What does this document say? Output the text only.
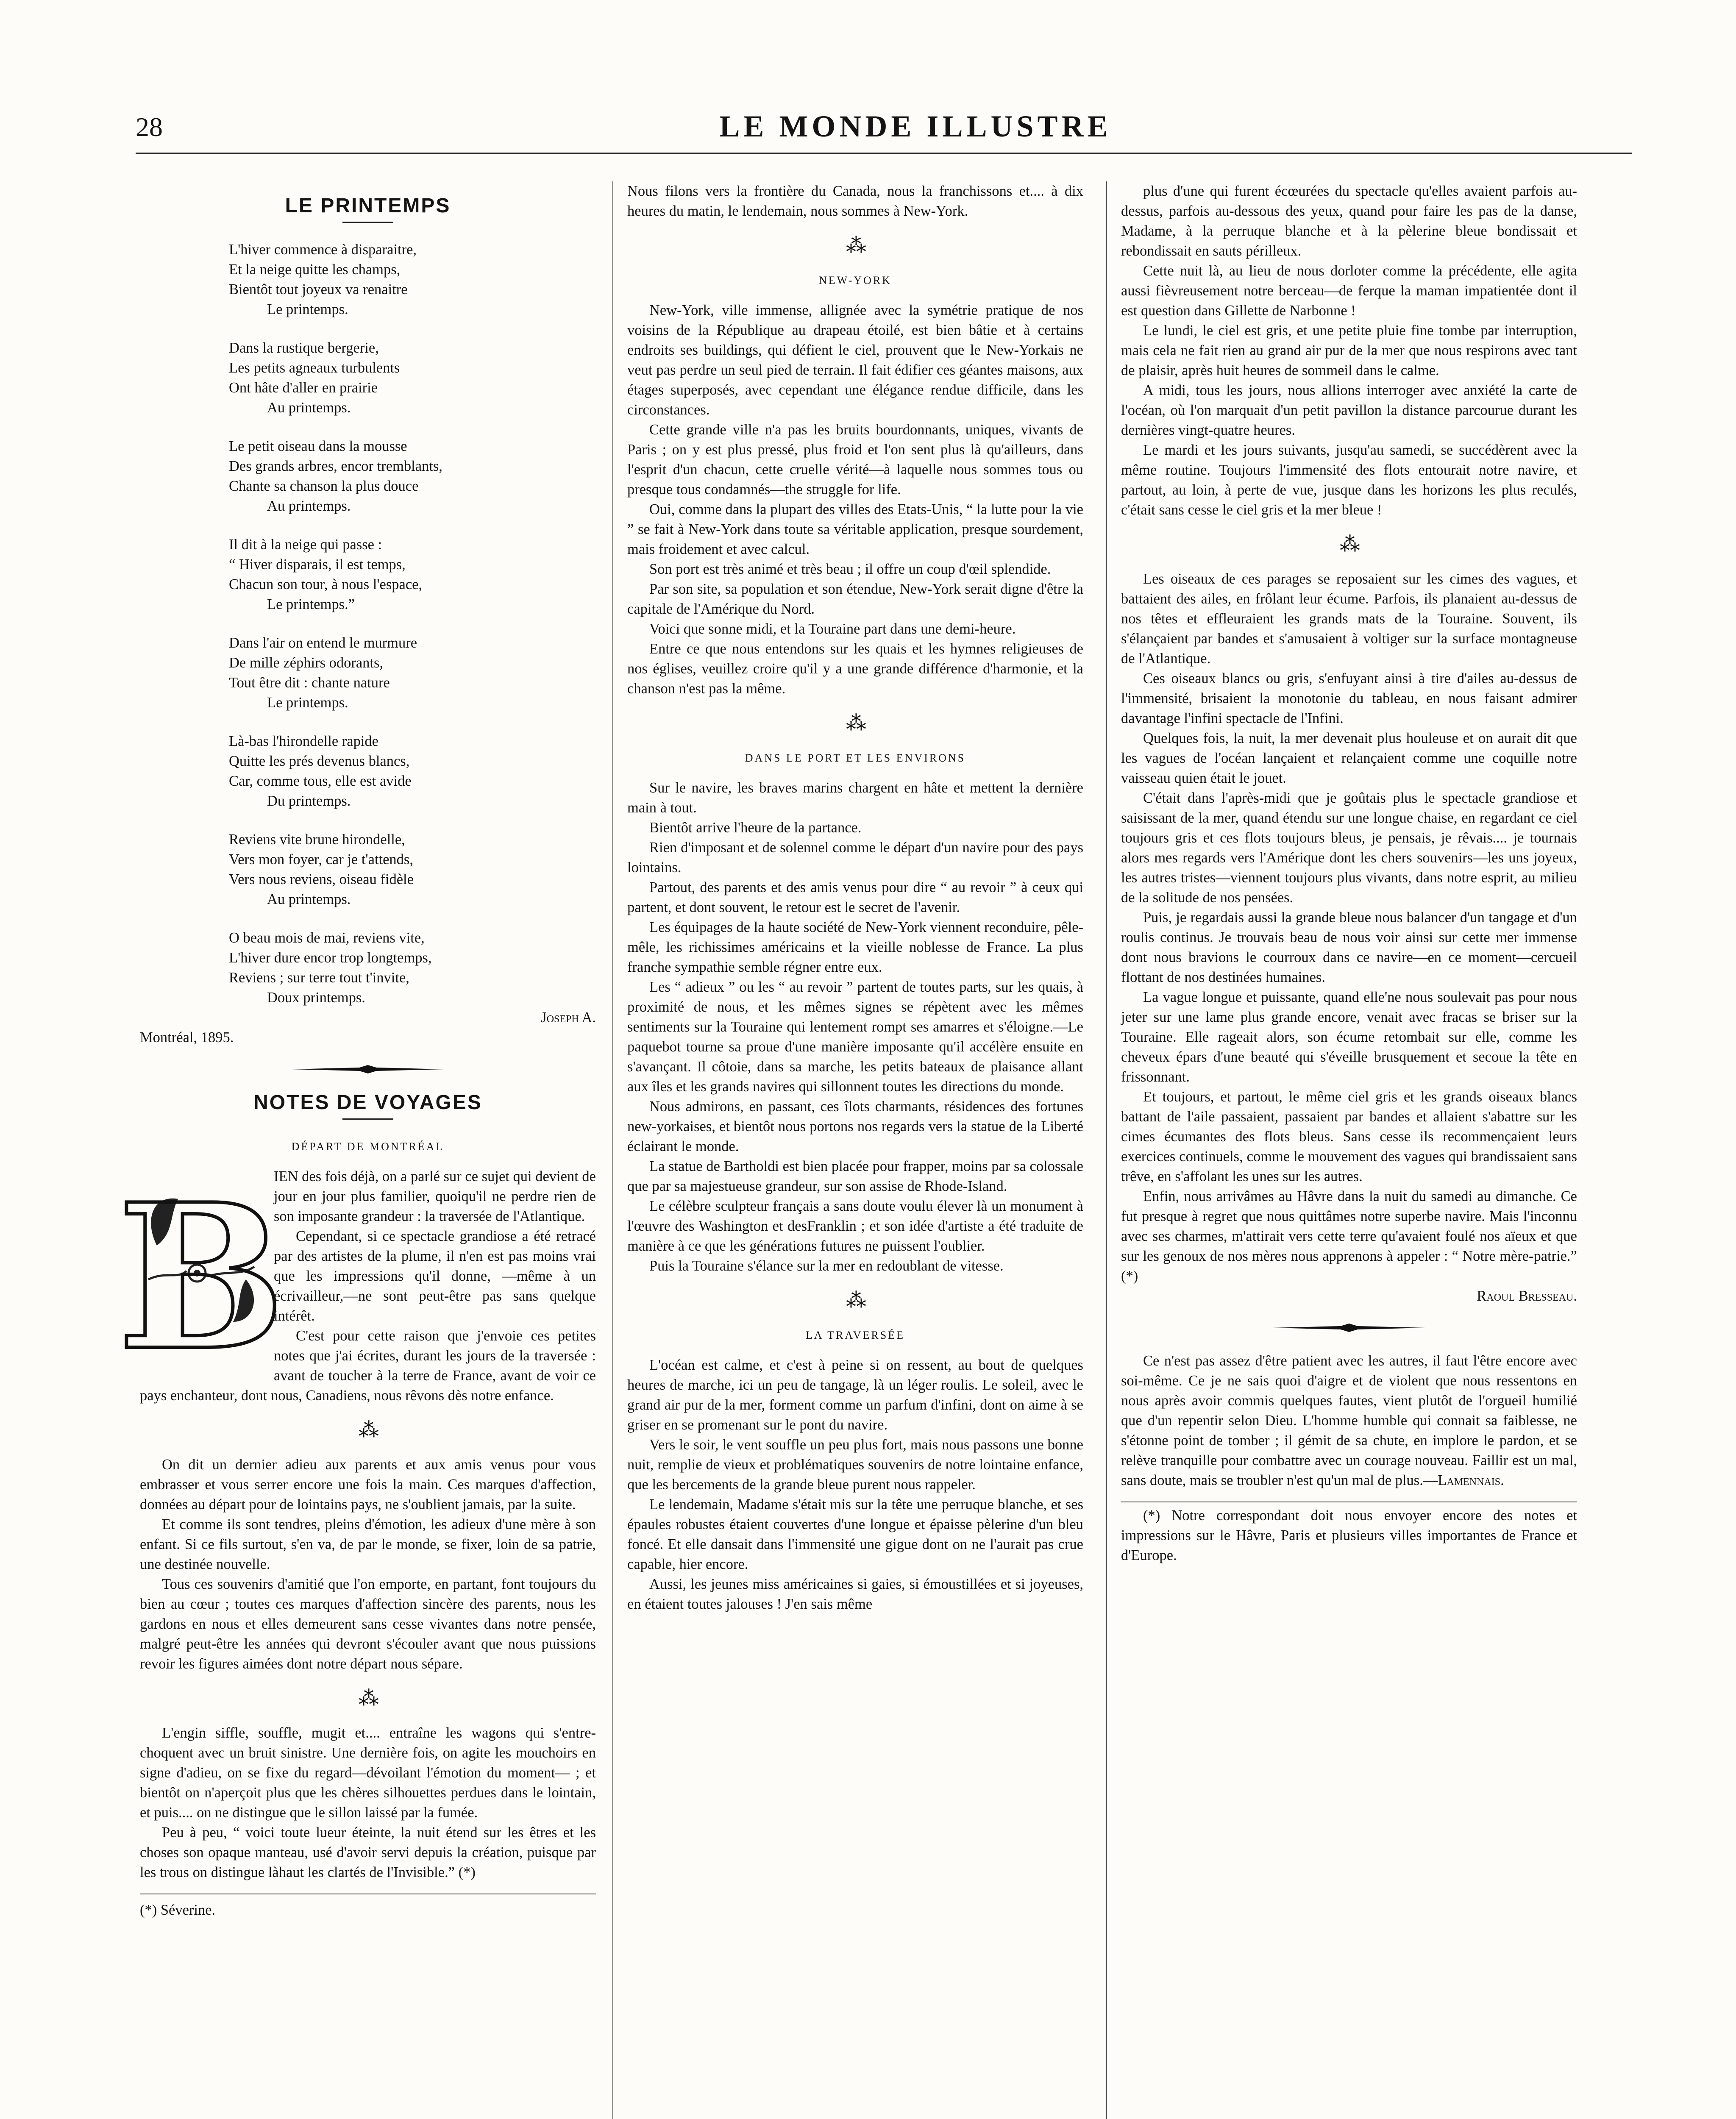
28	LE MONDE ILLUSTRE
LE PRINTEMPS
L'hiver commence à disparaitre,
Et la neige quitte les champs,
Bientôt tout joyeux va renaitre
Le printemps.
Dans la rustique bergerie,
Les petits agneaux turbulents
Ont hâte d'aller en prairie
Au printemps.
Le petit oiseau dans la mousse
Des grands arbres, encor tremblants,
Chante sa chanson la plus douce
Au printemps.
Il dit à la neige qui passe :
“ Hiver disparais, il est temps,
Chacun son tour, à nous l'espace,
Le printemps.”
Dans l'air on entend le murmure
De mille zéphirs odorants,
Tout être dit : chante nature
Le printemps.
Là-bas l'hirondelle rapide
Quitte les prés devenus blancs,
Car, comme tous, elle est avide
Du printemps.
Reviens vite brune hirondelle,
Vers mon foyer, car je t'attends,
Vers nous reviens, oiseau fidèle
Au printemps.
O beau mois de mai, reviens vite,
L'hiver dure encor trop longtemps,
Reviens ; sur terre tout t'invite,
Doux printemps.

Joseph A.

Montréal, 1895.

NOTES DE VOYAGES
DÉPART DE MONTRÉAL
B

IEN des fois déjà, on a parlé sur ce sujet qui devient de jour en jour plus familier, quoiqu'il ne perdre rien de son imposante grandeur : la traversée de l'Atlantique.

Cependant, si ce spectacle grandiose a été retracé par des artistes de la plume, il n'en est pas moins vrai que les impressions qu'il donne, —même à un écrivailleur,—ne sont peut-être pas sans quelque intérêt.

C'est pour cette raison que j'envoie ces petites notes que j'ai écrites, durant les jours de la traversée : avant de toucher à la terre de France, avant de voir ce pays enchanteur, dont nous, Canadiens, nous rêvons dès notre enfance.

⁂

On dit un dernier adieu aux parents et aux amis venus pour vous embrasser et vous serrer encore une fois la main. Ces marques d'affection, données au départ pour de lointains pays, ne s'oublient jamais, par la suite.

Et comme ils sont tendres, pleins d'émotion, les adieux d'une mère à son enfant. Si ce fils surtout, s'en va, de par le monde, se fixer, loin de sa patrie, une destinée nouvelle.

Tous ces souvenirs d'amitié que l'on emporte, en partant, font toujours du bien au cœur ; toutes ces marques d'affection sincère des parents, nous les gardons en nous et elles demeurent sans cesse vivantes dans notre pensée, malgré peut-être les années qui devront s'écouler avant que nous puissions revoir les figures aimées dont notre départ nous sépare.

⁂

L'engin siffle, souffle, mugit et.... entraîne les wagons qui s'entre-choquent avec un bruit sinistre. Une dernière fois, on agite les mouchoirs en signe d'adieu, on se fixe du regard—dévoilant l'émotion du moment— ; et bientôt on n'aperçoit plus que les chères silhouettes perdues dans le lointain, et puis.... on ne distingue que le sillon laissé par la fumée.

Peu à peu, “ voici toute lueur éteinte, la nuit étend sur les êtres et les choses son opaque manteau, usé d'avoir servi depuis la création, puisque par les trous on distingue làhaut les clartés de l'Invisible.” (*)

(*) Séverine.

Nous filons vers la frontière du Canada, nous la franchissons et.... à dix heures du matin, le lendemain, nous sommes à New-York.

⁂
NEW-YORK

New-York, ville immense, allignée avec la symétrie pratique de nos voisins de la République au drapeau étoilé, est bien bâtie et à certains endroits ses buildings, qui défient le ciel, prouvent que le New-Yorkais ne veut pas perdre un seul pied de terrain. Il fait édifier ces géantes maisons, aux étages superposés, avec cependant une élégance rendue difficile, dans les circonstances.

Cette grande ville n'a pas les bruits bourdonnants, uniques, vivants de Paris ; on y est plus pressé, plus froid et l'on sent plus là qu'ailleurs, dans l'esprit d'un chacun, cette cruelle vérité—à laquelle nous sommes tous ou presque tous condamnés—the struggle for life.

Oui, comme dans la plupart des villes des Etats-Unis, “ la lutte pour la vie ” se fait à New-York dans toute sa véritable application, presque sourdement, mais froidement et avec calcul.

Son port est très animé et très beau ; il offre un coup d'œil splendide.

Par son site, sa population et son étendue, New-York serait digne d'être la capitale de l'Amérique du Nord.

Voici que sonne midi, et la Touraine part dans une demi-heure.

Entre ce que nous entendons sur les quais et les hymnes religieuses de nos églises, veuillez croire qu'il y a une grande différence d'harmonie, et la chanson n'est pas la même.

⁂
DANS LE PORT ET LES ENVIRONS

Sur le navire, les braves marins chargent en hâte et mettent la dernière main à tout.

Bientôt arrive l'heure de la partance.

Rien d'imposant et de solennel comme le départ d'un navire pour des pays lointains.

Partout, des parents et des amis venus pour dire “ au revoir ” à ceux qui partent, et dont souvent, le retour est le secret de l'avenir.

Les équipages de la haute société de New-York viennent reconduire, pêle-mêle, les richissimes américains et la vieille noblesse de France. La plus franche sympathie semble régner entre eux.

Les “ adieux ” ou les “ au revoir ” partent de toutes parts, sur les quais, à proximité de nous, et les mêmes signes se répètent avec les mêmes sentiments sur la Touraine qui lentement rompt ses amarres et s'éloigne.—Le paquebot tourne sa proue d'une manière imposante qu'il accélère ensuite en s'avançant. Il côtoie, dans sa marche, les petits bateaux de plaisance allant aux îles et les grands navires qui sillonnent toutes les directions du monde.

Nous admirons, en passant, ces îlots charmants, résidences des fortunes new-yorkaises, et bientôt nous portons nos regards vers la statue de la Liberté éclairant le monde.

La statue de Bartholdi est bien placée pour frapper, moins par sa colossale que par sa majestueuse grandeur, sur son assise de Rhode-Island.

Le célèbre sculpteur français a sans doute voulu élever là un monument à l'œuvre des Washington et desFranklin ; et son idée d'artiste a été traduite de manière à ce que les générations futures ne puissent l'oublier.

Puis la Touraine s'élance sur la mer en redoublant de vitesse.

⁂
LA TRAVERSÉE

L'océan est calme, et c'est à peine si on ressent, au bout de quelques heures de marche, ici un peu de tangage, là un léger roulis. Le soleil, avec le grand air pur de la mer, forment comme un parfum d'infini, dont on aime à se griser en se promenant sur le pont du navire.

Vers le soir, le vent souffle un peu plus fort, mais nous passons une bonne nuit, remplie de vieux et problématiques souvenirs de notre lointaine enfance, que les bercements de la grande bleue purent nous rappeler.

Le lendemain, Madame s'était mis sur la tête une perruque blanche, et ses épaules robustes étaient couvertes d'une longue et épaisse pèlerine d'un bleu foncé. Et elle dansait dans l'immensité une gigue dont on ne l'aurait pas crue capable, hier encore.

Aussi, les jeunes miss américaines si gaies, si émoustillées et si joyeuses, en étaient toutes jalouses ! J'en sais même

plus d'une qui furent écœurées du spectacle qu'elles avaient parfois au-dessus, parfois au-dessous des yeux, quand pour faire les pas de la danse, Madame, à la perruque blanche et à la pèlerine bleue bondissait et rebondissait en sauts périlleux.

Cette nuit là, au lieu de nous dorloter comme la précédente, elle agita aussi fièvreusement notre berceau—de ferque la maman impatientée dont il est question dans Gillette de Narbonne !

Le lundi, le ciel est gris, et une petite pluie fine tombe par interruption, mais cela ne fait rien au grand air pur de la mer que nous respirons avec tant de plaisir, après huit heures de sommeil dans le calme.

A midi, tous les jours, nous allions interroger avec anxiété la carte de l'océan, où l'on marquait d'un petit pavillon la distance parcourue durant les dernières vingt-quatre heures.

Le mardi et les jours suivants, jusqu'au samedi, se succédèrent avec la même routine. Toujours l'immensité des flots entourait notre navire, et partout, au loin, à perte de vue, jusque dans les horizons les plus reculés, c'était sans cesse le ciel gris et la mer bleue !

⁂

Les oiseaux de ces parages se reposaient sur les cimes des vagues, et battaient des ailes, en frôlant leur écume. Parfois, ils planaient au-dessus de nos têtes et effleuraient les grands mats de la Touraine. Souvent, ils s'élançaient par bandes et s'amusaient à voltiger sur la surface montagneuse de l'Atlantique.

Ces oiseaux blancs ou gris, s'enfuyant ainsi à tire d'ailes au-dessus de l'immensité, brisaient la monotonie du tableau, en nous faisant admirer davantage l'infini spectacle de l'Infini.

Quelques fois, la nuit, la mer devenait plus houleuse et on aurait dit que les vagues de l'océan lançaient et relançaient comme une coquille notre vaisseau quien était le jouet.

C'était dans l'après-midi que je goûtais plus le spectacle grandiose et saisissant de la mer, quand étendu sur une longue chaise, en regardant ce ciel toujours gris et ces flots toujours bleus, je pensais, je rêvais.... je tournais alors mes regards vers l'Amérique dont les chers souvenirs—les uns joyeux, les autres tristes—viennent toujours plus vivants, dans notre esprit, au milieu de la solitude de nos pensées.

Puis, je regardais aussi la grande bleue nous balancer d'un tangage et d'un roulis continus. Je trouvais beau de nous voir ainsi sur cette mer immense dont nous bravions le courroux dans ce navire—en ce moment—cercueil flottant de nos destinées humaines.

La vague longue et puissante, quand elle'ne nous soulevait pas pour nous jeter sur une lame plus grande encore, venait avec fracas se briser sur la Touraine. Elle rageait alors, son écume retombait sur elle, comme les cheveux épars d'une beauté qui s'éveille brusquement et secoue la tête en frissonnant.

Et toujours, et partout, le même ciel gris et les grands oiseaux blancs battant de l'aile passaient, passaient par bandes et allaient s'abattre sur les cimes écumantes des flots bleus. Sans cesse ils recommençaient leurs exercices continuels, comme le mouvement des vagues qui brandissaient sans trêve, en s'affolant les unes sur les autres.

Enfin, nous arrivâmes au Hâvre dans la nuit du samedi au dimanche. Ce fut presque à regret que nous quittâmes notre superbe navire. Mais l'inconnu avec ses charmes, m'attirait vers cette terre qu'avaient foulé nos aïeux et que sur les genoux de nos mères nous apprenons à appeler : “ Notre mère-patrie.” (*)

Raoul Bresseau.

Ce n'est pas assez d'être patient avec les autres, il faut l'être encore avec soi-même. Ce je ne sais quoi d'aigre et de violent que nous ressentons en nous après avoir commis quelques fautes, vient plutôt de l'orgueil humilié que d'un repentir selon Dieu. L'homme humble qui connait sa faiblesse, ne s'étonne point de tomber ; il gémit de sa chute, en implore le pardon, et se relève tranquille pour combattre avec un courage nouveau. Faillir est un mal, sans doute, mais se troubler n'est qu'un mal de plus.—Lamennais.

(*) Notre correspondant doit nous envoyer encore des notes et impressions sur le Hâvre, Paris et plusieurs villes importantes de France et d'Europe.
